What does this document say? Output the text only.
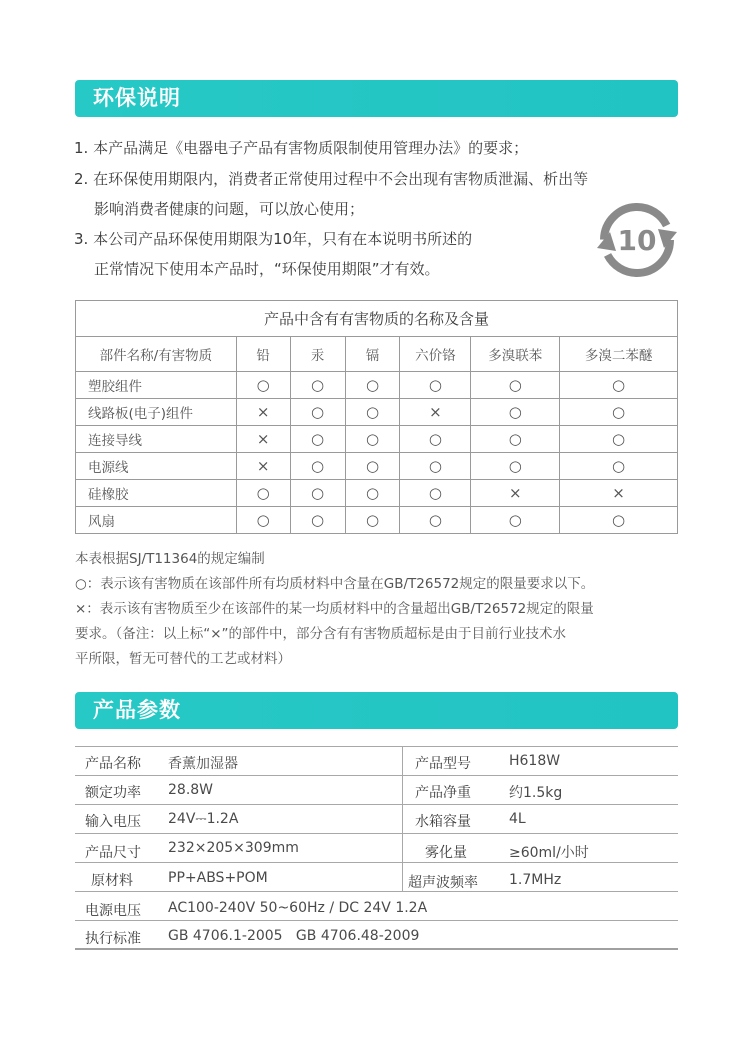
环保说明
1. 本产品满足《电器电子产品有害物质限制使用管理办法》的要求；
2. 在环保使用期限内，消费者正常使用过程中不会出现有害物质泄漏、析出等
影响消费者健康的问题，可以放心使用；
3. 本公司产品环保使用期限为10年，只有在本说明书所述的
正常情况下使用本产品时，“环保使用期限”才有效。
10
产品中含有有害物质的名称及含量						
部件名称/有害物质	铅	汞	镉	六价铬	多溴联苯	多溴二苯醚
塑胶组件	○	○	○	○	○	○
线路板(电子)组件	×	○	○	×	○	○
连接导线	×	○	○	○	○	○
电源线	×	○	○	○	○	○
硅橡胶	○	○	○	○	×	×
风扇	○	○	○	○	○	○
本表根据SJ/T11364的规定编制
○：表示该有害物质在该部件所有均质材料中含量在GB/T26572规定的限量要求以下。
×：表示该有害物质至少在该部件的某一均质材料中的含量超出GB/T26572规定的限量
要求。（备注：以上标“×”的部件中，部分含有有害物质超标是由于目前行业技术水
平所限，暂无可替代的工艺或材料）
产品参数
产品名称 香薰加湿器	产品型号	H618W
额定功率 28.8W	产品净重	约1.5kg
输入电压 24V⎓1.2A	水箱容量	4L
产品尺寸 232×205×309mm	雾化量	≥60ml/小时
原材料	PP+ABS+POM	超声波频率 1.7MHz
电源电压 AC100-240V 50~60Hz / DC 24V 1.2A
执行标准 GB 4706.1-2005   GB 4706.48-2009
